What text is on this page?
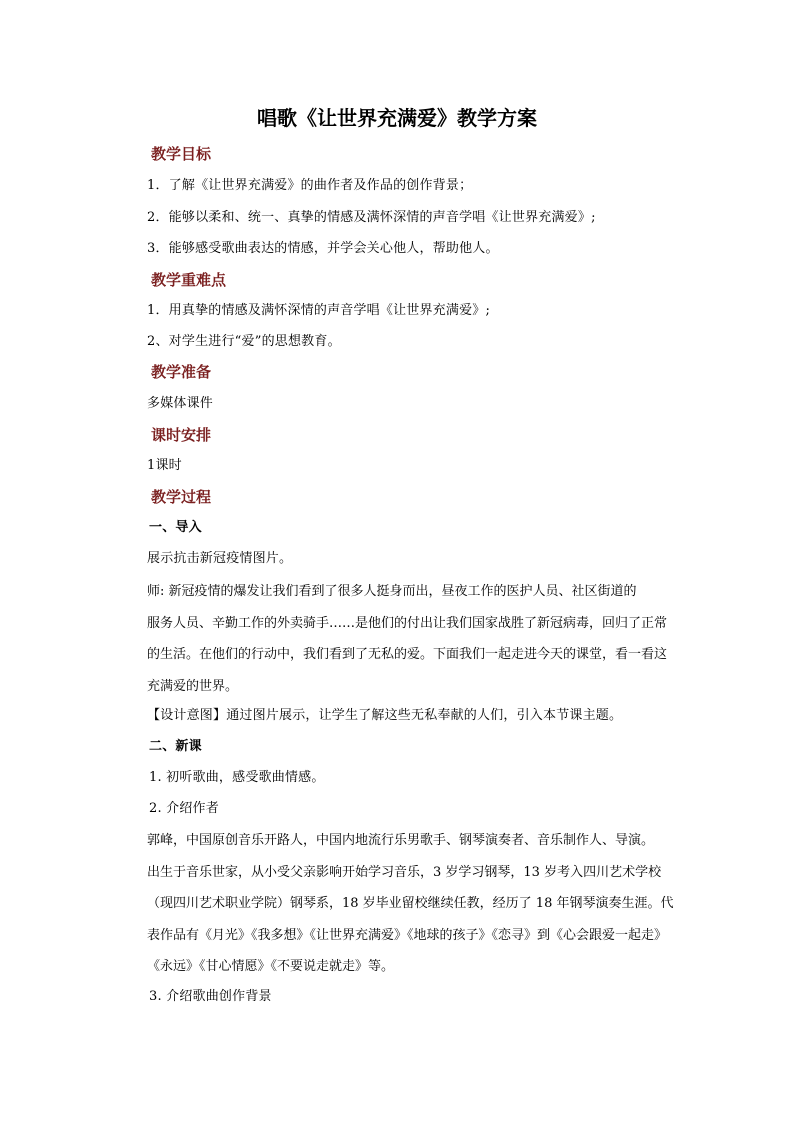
唱歌《让世界充满爱》教学方案
教学目标
1．了解《让世界充满爱》的曲作者及作品的创作背景；
2．能够以柔和、统一、真挚的情感及满怀深情的声音学唱《让世界充满爱》;
3．能够感受歌曲表达的情感，并学会关心他人，帮助他人。
教学重难点
1．用真挚的情感及满怀深情的声音学唱《让世界充满爱》;
2、对学生进行“爱”的思想教育。
教学准备
多媒体课件
课时安排
1课时
教学过程
一、导入
展示抗击新冠疫情图片。
师: 新冠疫情的爆发让我们看到了很多人挺身而出，昼夜工作的医护人员、社区街道的
服务人员、辛勤工作的外卖骑手……是他们的付出让我们国家战胜了新冠病毒，回归了正常
的生活。在他们的行动中，我们看到了无私的爱。下面我们一起走进今天的课堂，看一看这
充满爱的世界。
【设计意图】通过图片展示，让学生了解这些无私奉献的人们，引入本节课主题。
二、新课
1. 初听歌曲，感受歌曲情感。
2. 介绍作者
郭峰，中国原创音乐开路人，中国内地流行乐男歌手、钢琴演奏者、音乐制作人、导演。
出生于音乐世家，从小受父亲影响开始学习音乐，3 岁学习钢琴，13 岁考入四川艺术学校
（现四川艺术职业学院）钢琴系，18 岁毕业留校继续任教，经历了 18 年钢琴演奏生涯。代
表作品有《月光》《我多想》《让世界充满爱》《地球的孩子》《恋寻》到《心会跟爱一起走》
《永远》《甘心情愿》《不要说走就走》等。
3. 介绍歌曲创作背景
